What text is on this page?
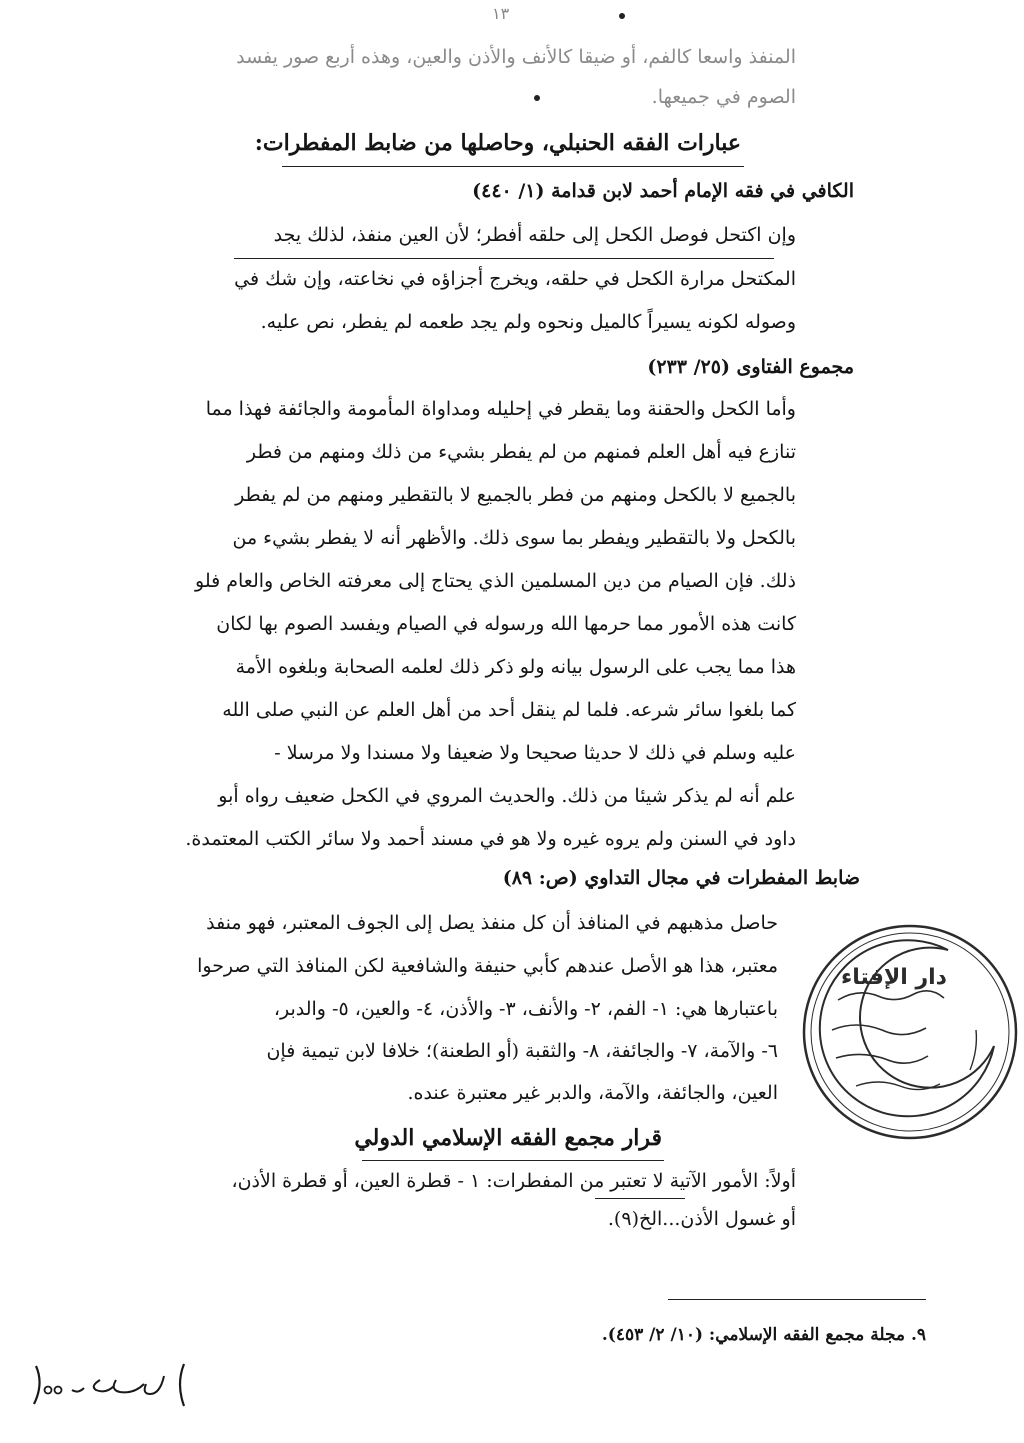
١٣
المنفذ واسعا كالفم، أو ضيقا كالأنف والأذن والعين، وهذه أربع صور يفسد
الصوم في جميعها.
عبارات الفقه الحنبلي، وحاصلها من ضابط المفطرات:
الكافي في فقه الإمام أحمد لابن قدامة (١/ ٤٤٠)
وإن اكتحل فوصل الكحل إلى حلقه أفطر؛ لأن العين منفذ، لذلك يجد
المكتحل مرارة الكحل في حلقه، ويخرج أجزاؤه في نخاعته، وإن شك في
وصوله لكونه يسيراً كالميل ونحوه ولم يجد طعمه لم يفطر، نص عليه.
مجموع الفتاوى (٢٥/ ٢٣٣)
وأما الكحل والحقنة وما يقطر في إحليله ومداواة المأمومة والجائفة فهذا مما
تنازع فيه أهل العلم فمنهم من لم يفطر بشيء من ذلك ومنهم من فطر
بالجميع لا بالكحل ومنهم من فطر بالجميع لا بالتقطير ومنهم من لم يفطر
بالكحل ولا بالتقطير ويفطر بما سوى ذلك. والأظهر أنه لا يفطر بشيء من
ذلك. فإن الصيام من دين المسلمين الذي يحتاج إلى معرفته الخاص والعام فلو
كانت هذه الأمور مما حرمها الله ورسوله في الصيام ويفسد الصوم بها لكان
هذا مما يجب على الرسول بيانه ولو ذكر ذلك لعلمه الصحابة وبلغوه الأمة
كما بلغوا سائر شرعه. فلما لم ينقل أحد من أهل العلم عن النبي صلى الله
عليه وسلم في ذلك لا حديثا صحيحا ولا ضعيفا ولا مسندا ولا مرسلا -
علم أنه لم يذكر شيئا من ذلك. والحديث المروي في الكحل ضعيف رواه أبو
داود في السنن ولم يروه غيره ولا هو في مسند أحمد ولا سائر الكتب المعتمدة.
ضابط المفطرات في مجال التداوي (ص: ٨٩)
حاصل مذهبهم في المنافذ أن كل منفذ يصل إلى الجوف المعتبر، فهو منفذ
معتبر، هذا هو الأصل عندهم كأبي حنيفة والشافعية لكن المنافذ التي صرحوا
باعتبارها هي: ١- الفم، ٢- والأنف، ٣- والأذن، ٤- والعين، ٥- والدبر،
٦- والآمة، ٧- والجائفة، ٨- والثقبة (أو الطعنة)؛ خلافا لابن تيمية فإن
العين، والجائفة، والآمة، والدبر غير معتبرة عنده.
قرار مجمع الفقه الإسلامي الدولي
أولاً: الأمور الآتية لا تعتبر من المفطرات: ١ - قطرة العين، أو قطرة الأذن،
أو غسول الأذن...الخ(٩).
٩. مجلة مجمع الفقه الإسلامي: (١٠/ ٢/ ٤٥٣).
دار الإفتاء
(جاري...)
